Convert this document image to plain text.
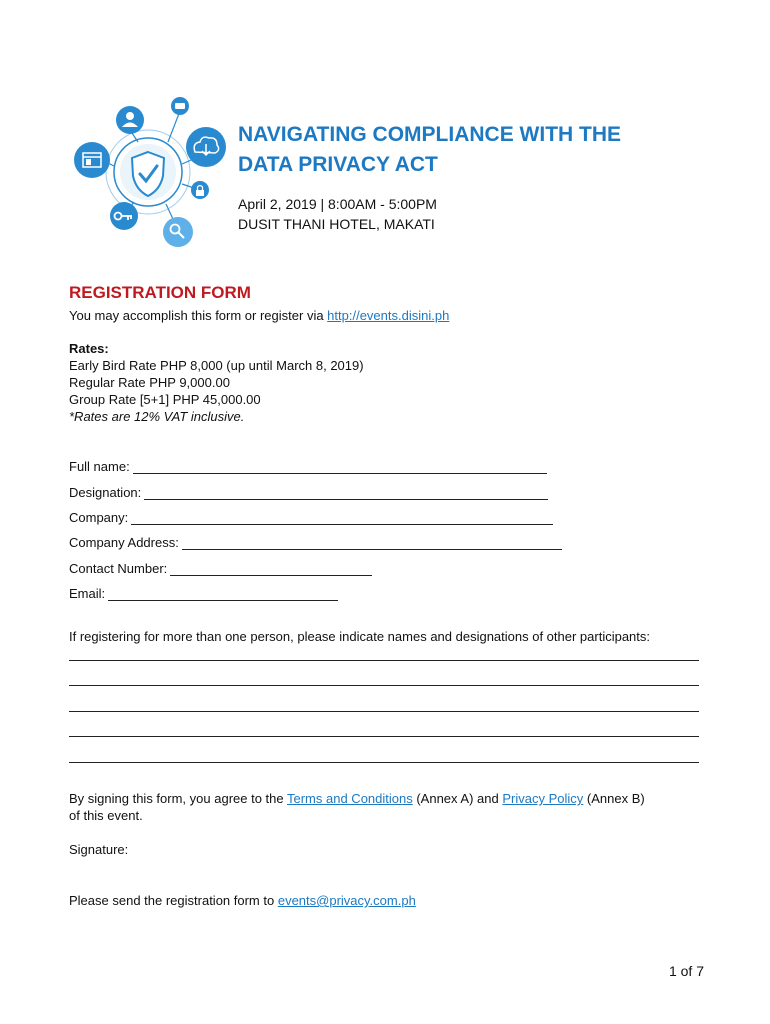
NAVIGATING COMPLIANCE WITH THE
DATA PRIVACY ACT
April 2, 2019 | 8:00AM - 5:00PM
DUSIT THANI HOTEL, MAKATI
REGISTRATION FORM
You may accomplish this form or register via http://events.disini.ph
Rates:
Early Bird Rate PHP 8,000 (up until March 8, 2019)
Regular Rate PHP 9,000.00
Group Rate [5+1] PHP 45,000.00
*Rates are 12% VAT inclusive.
Full name:
Designation:
Company:
Company Address:
Contact Number:
Email:
If registering for more than one person, please indicate names and designations of other participants:
By signing this form, you agree to the Terms and Conditions (Annex A) and Privacy Policy (Annex B)
of this event.
Signature:
Please send the registration form to events@privacy.com.ph
1 of 7
